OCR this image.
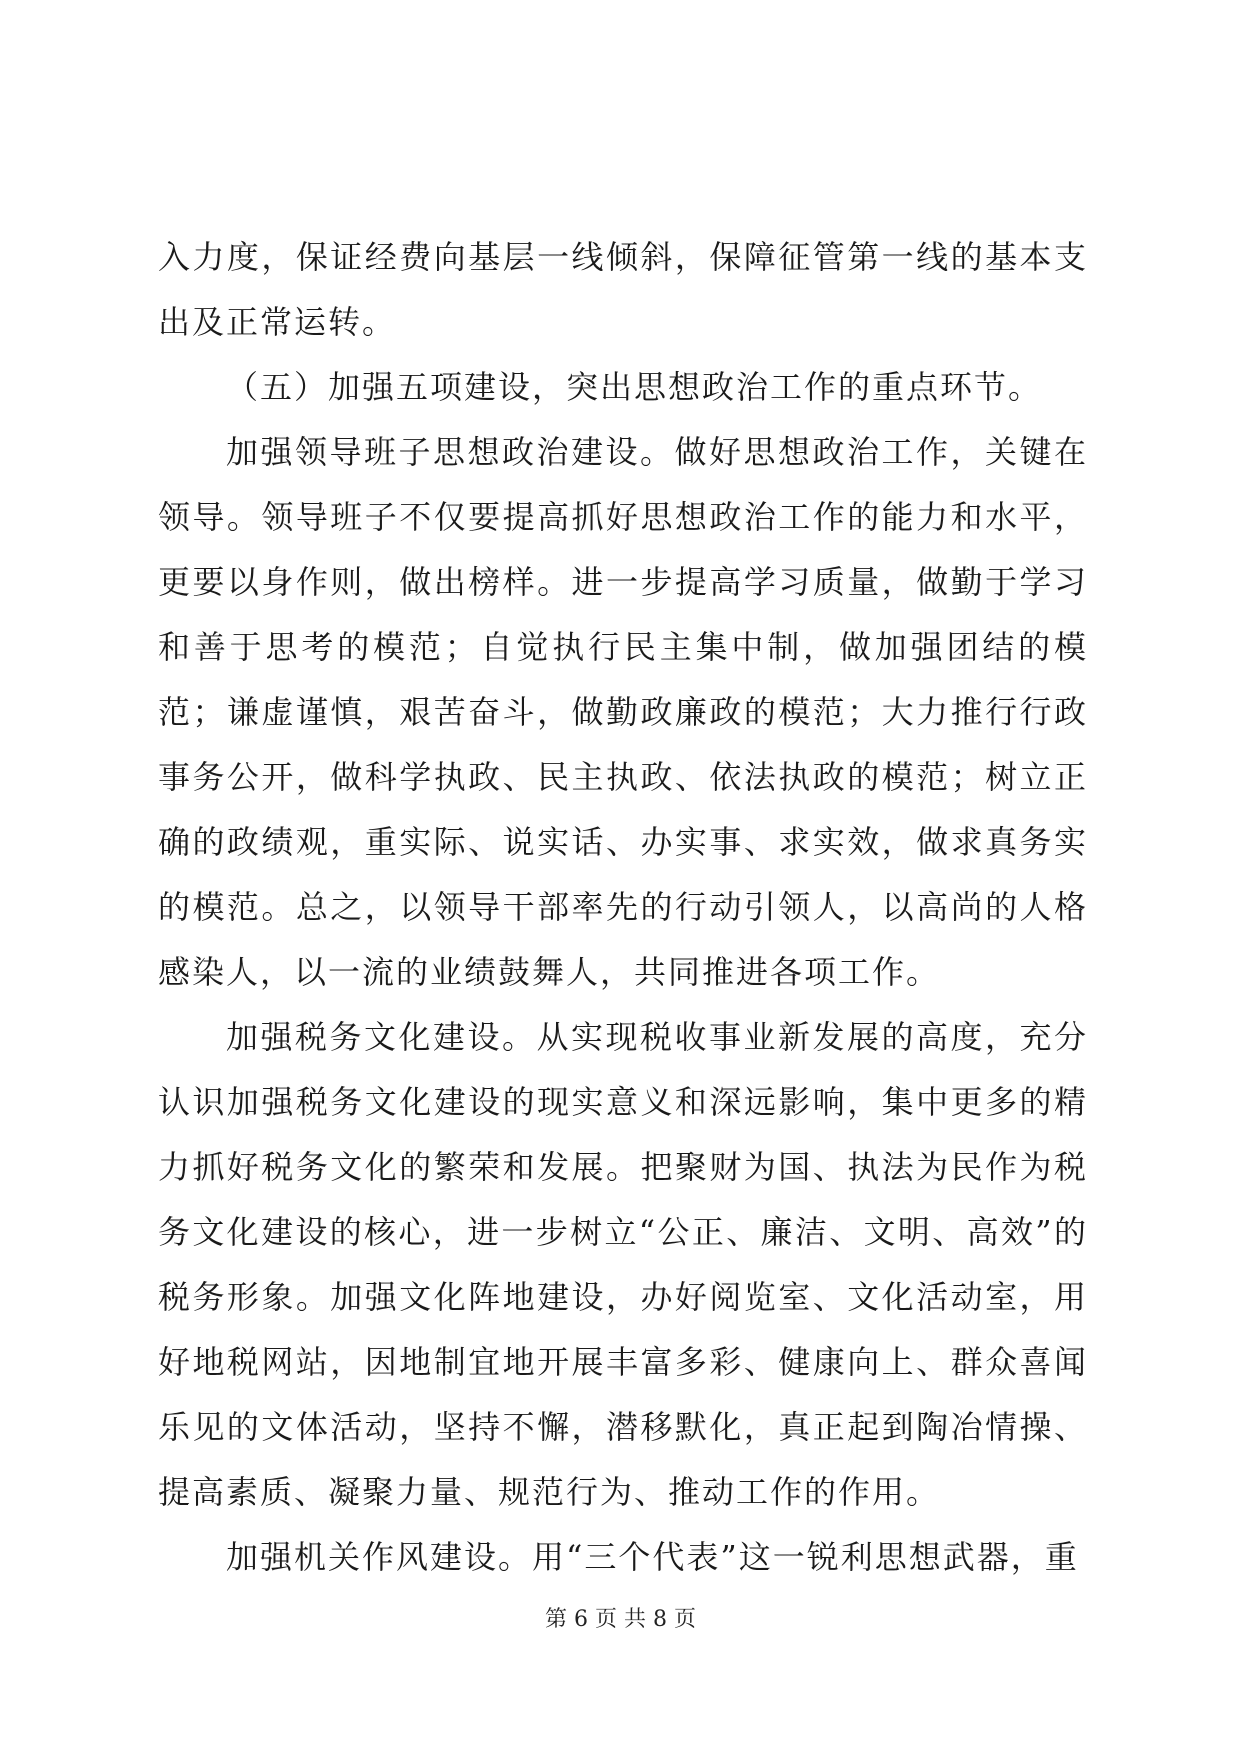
入力度，保证经费向基层一线倾斜，保障征管第一线的基本支出及正常运转。

（五）加强五项建设，突出思想政治工作的重点环节。

加强领导班子思想政治建设。做好思想政治工作，关键在领导。领导班子不仅要提高抓好思想政治工作的能力和水平，更要以身作则，做出榜样。进一步提高学习质量，做勤于学习和善于思考的模范；自觉执行民主集中制，做加强团结的模范；谦虚谨慎，艰苦奋斗，做勤政廉政的模范；大力推行行政事务公开，做科学执政、民主执政、依法执政的模范；树立正确的政绩观，重实际、说实话、办实事、求实效，做求真务实的模范。总之，以领导干部率先的行动引领人，以高尚的人格感染人，以一流的业绩鼓舞人，共同推进各项工作。

加强税务文化建设。从实现税收事业新发展的高度，充分认识加强税务文化建设的现实意义和深远影响，集中更多的精力抓好税务文化的繁荣和发展。把聚财为国、执法为民作为税务文化建设的核心，进一步树立“公正、廉洁、文明、高效”的税务形象。加强文化阵地建设，办好阅览室、文化活动室，用好地税网站，因地制宜地开展丰富多彩、健康向上、群众喜闻乐见的文体活动，坚持不懈，潜移默化，真正起到陶冶情操、提高素质、凝聚力量、规范行为、推动工作的作用。

加强机关作风建设。用“三个代表”这一锐利思想武器，重

第 6 页 共 8 页
